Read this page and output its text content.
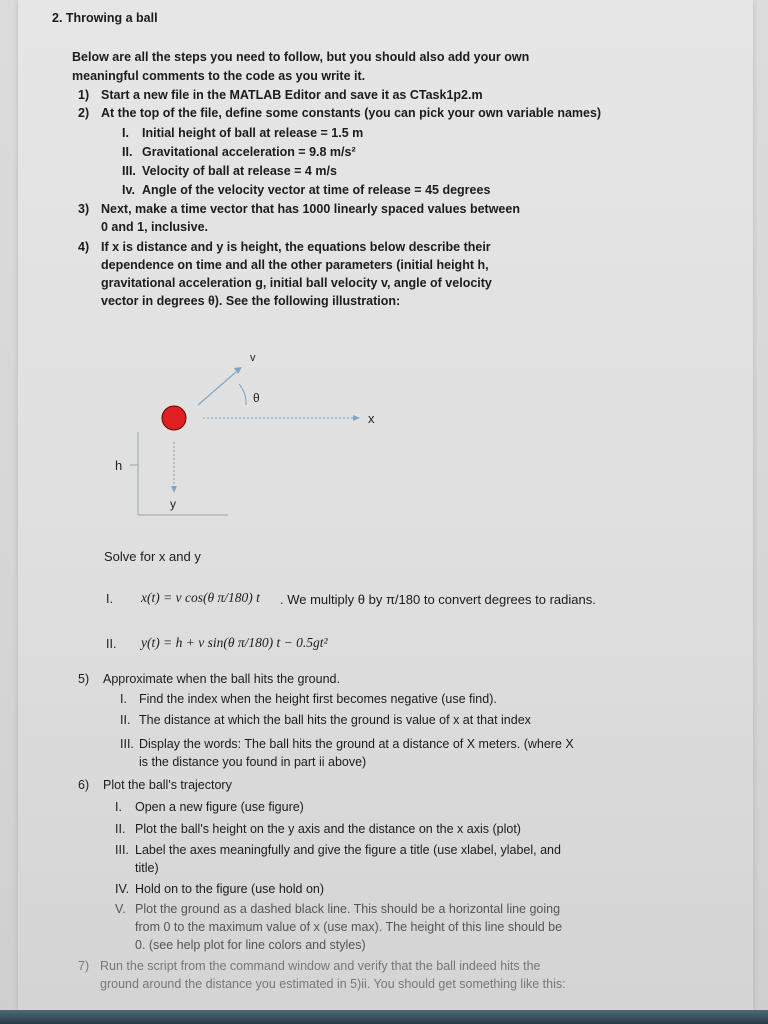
2. Throwing a ball
Below are all the steps you need to follow, but you should also add your own
meaningful comments to the code as you write it.
1) Start a new file in the MATLAB Editor and save it as CTask1p2.m
2) At the top of the file, define some constants (you can pick your own variable names)
I. Initial height of ball at release = 1.5 m
II. Gravitational acceleration = 9.8 m/s²
III. Velocity of ball at release = 4 m/s
Iv. Angle of the velocity vector at time of release = 45 degrees
3) Next, make a time vector that has 1000 linearly spaced values between
0 and 1, inclusive.
4) If x is distance and y is height, the equations below describe their
dependence on time and all the other parameters (initial height h,
gravitational acceleration g, initial ball velocity v, angle of velocity
vector in degrees θ). See the following illustration:
x
v
θ
h
y
Solve for x and y
I. x(t) = v cos(θ π/180) t . We multiply θ by π/180 to convert degrees to radians.
II. y(t) = h + v sin(θ π/180) t − 0.5gt²
5) Approximate when the ball hits the ground.
I. Find the index when the height first becomes negative (use find).
II. The distance at which the ball hits the ground is value of x at that index
III. Display the words: The ball hits the ground at a distance of X meters. (where X
is the distance you found in part ii above)
6) Plot the ball's trajectory
I. Open a new figure (use figure)
II. Plot the ball's height on the y axis and the distance on the x axis (plot)
III. Label the axes meaningfully and give the figure a title (use xlabel, ylabel, and
title)
IV. Hold on to the figure (use hold on)
V. Plot the ground as a dashed black line. This should be a horizontal line going
from 0 to the maximum value of x (use max). The height of this line should be
0. (see help plot for line colors and styles)
7) Run the script from the command window and verify that the ball indeed hits the
ground around the distance you estimated in 5)ii. You should get something like this:
